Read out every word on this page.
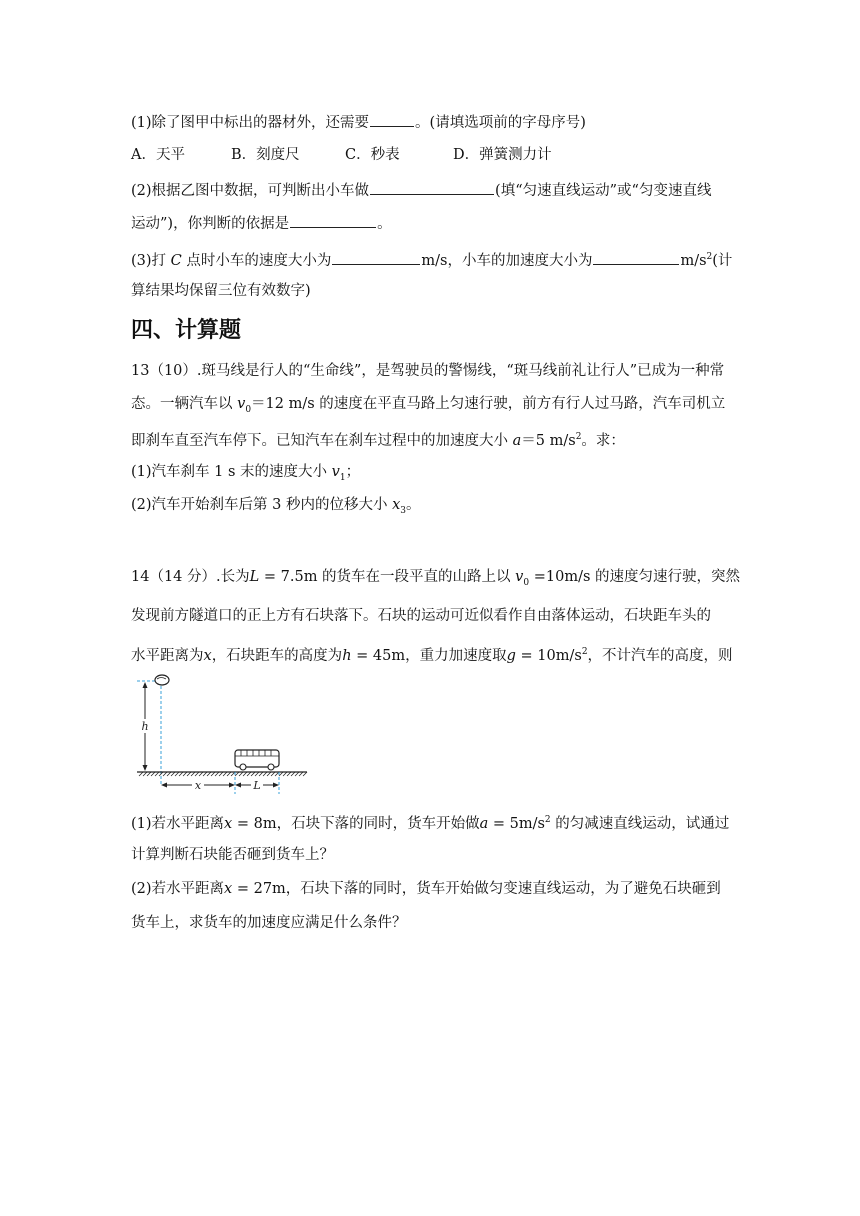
(1)除了图甲中标出的器材外，还需要	。(请填选项前的字母序号)
A．天平	B．刻度尺	C．秒表	D．弹簧测力计
(2)根据乙图中数据，可判断出小车做	(填“匀速直线运动”或“匀变速直线
运动”)，你判断的依据是	。
(3)打 C 点时小车的速度大小为	m/s，小车的加速度大小为	$m/s^2$(计
算结果均保留三位有效数字)
四、计算题
13（10）.斑马线是行人的“生命线”，是驾驶员的警惕线，“斑马线前礼让行人”已成为一种常
态。一辆汽车以 $v_0=12$ m/s 的速度在平直马路上匀速行驶，前方有行人过马路，汽车司机立
即刹车直至汽车停下。已知汽车在刹车过程中的加速度大小 a＝5 $m/s^2$。求：
(1)汽车刹车 1 s 末的速度大小 $v_1$；
(2)汽车开始刹车后第 3 秒内的位移大小 $x_3$。
14（14 分）.长为L = 7.5m 的货车在一段平直的山路上以 $v_0 =10m/s$ 的速度匀速行驶，突然
发现前方隧道口的正上方有石块落下。石块的运动可近似看作自由落体运动，石块距车头的
水平距离为x，石块距车的高度为h = 45m，重力加速度取$g = 10m/s^2$，不计汽车的高度，则
h
x	L
(1)若水平距离x = 8m，石块下落的同时，货车开始做$a = 5m/s^2$ 的匀减速直线运动，试通过
计算判断石块能否砸到货车上？
(2)若水平距离x = 27m，石块下落的同时，货车开始做匀变速直线运动，为了避免石块砸到
货车上，求货车的加速度应满足什么条件？
